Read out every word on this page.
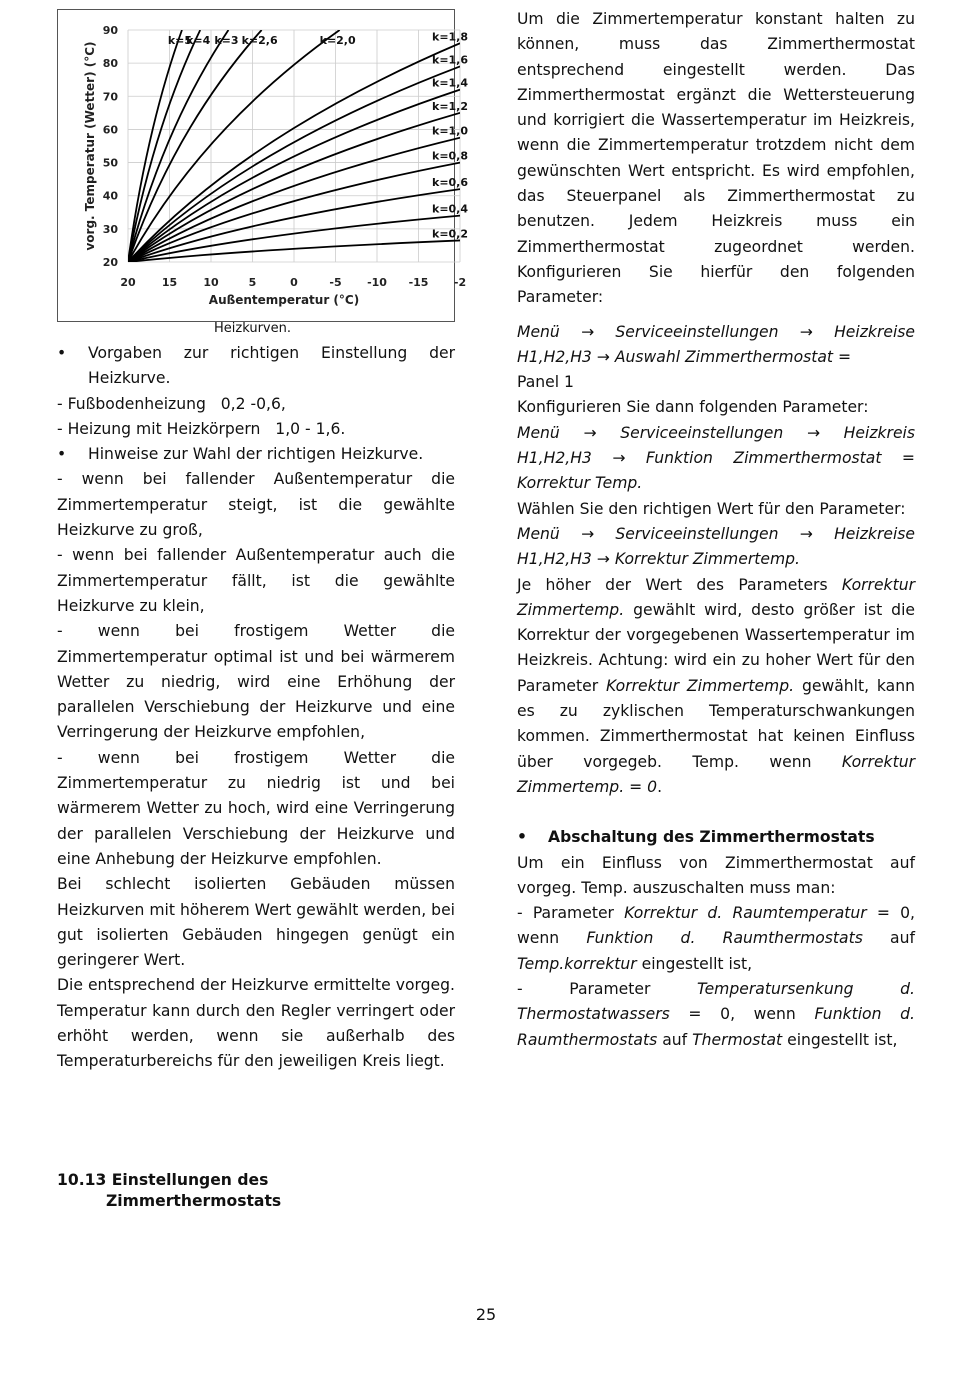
20
30
40
50
60
70
80
90
20 15 10	5	0	-5 -10 -15 -2
Außentemperatur (°C)
vorg. Temperatur (Wetter) (°C)
k=5
k=4 k=3 k=2,6	k=2,0	k=1,8
k=1,6
k=1,4
k=1,2
k=1,0
k=0,8
k=0,6
k=0,4
k=0,2
Heizkurven.

• Vorgaben zur richtigen Einstellung der Heizkurve.

- Fußbodenheizung   0,2 -0,6,

- Heizung mit Heizkörpern   1,0 - 1,6.

• Hinweise zur Wahl der richtigen Heizkurve.

- wenn bei fallender Außentemperatur die Zimmertemperatur steigt, ist die gewählte Heizkurve zu groß,

- wenn bei fallender Außentemperatur auch die Zimmertemperatur fällt, ist die gewählte Heizkurve zu klein,

- wenn bei frostigem Wetter die Zimmertemperatur optimal ist und bei wärmerem Wetter zu niedrig, wird eine Erhöhung der parallelen Verschiebung der Heizkurve und eine Verringerung der Heizkurve empfohlen,

- wenn bei frostigem Wetter die Zimmertemperatur zu niedrig ist und bei wärmerem Wetter zu hoch, wird eine Verringerung der parallelen Verschiebung der Heizkurve und eine Anhebung der Heizkurve empfohlen.

Bei schlecht isolierten Gebäuden müssen Heizkurven mit höherem Wert gewählt werden, bei gut isolierten Gebäuden hingegen genügt ein geringerer Wert.

Die entsprechend der Heizkurve ermittelte vorgeg. Temperatur kann durch den Regler verringert oder erhöht werden, wenn sie außerhalb des Temperaturbereichs für den jeweiligen Kreis liegt.

10.13 Einstellungen des

Zimmerthermostats

Um die Zimmertemperatur konstant halten zu können, muss das Zimmerthermostat entsprechend eingestellt werden. Das Zimmerthermostat ergänzt die Wettersteuerung und korrigiert die Wassertemperatur im Heizkreis, wenn die Zimmertemperatur trotzdem nicht dem gewünschten Wert entspricht. Es wird empfohlen, das Steuerpanel als Zimmerthermostat zu benutzen. Jedem Heizkreis muss ein Zimmerthermostat zugeordnet werden. Konfigurieren Sie hierfür den folgenden Parameter:

Menü → Serviceeinstellungen → Heizkreise H1,H2,H3 → Auswahl Zimmerthermostat =

Panel 1

Konfigurieren Sie dann folgenden Parameter:

Menü → Serviceeinstellungen → Heizkreis H1,H2,H3 → Funktion Zimmerthermostat = Korrektur Temp.

Wählen Sie den richtigen Wert für den Parameter:

Menü → Serviceeinstellungen → Heizkreise H1,H2,H3 → Korrektur Zimmertemp.

Je höher der Wert des Parameters Korrektur Zimmertemp. gewählt wird, desto größer ist die Korrektur der vorgegebenen Wassertemperatur im Heizkreis. Achtung: wird ein zu hoher Wert für den Parameter Korrektur Zimmertemp. gewählt, kann es zu zyklischen Temperaturschwankungen kommen. Zimmerthermostat hat keinen Einfluss über vorgegeb. Temp. wenn Korrektur Zimmertemp. = 0.

• Abschaltung des Zimmerthermostats

Um ein Einfluss von Zimmerthermostat auf vorgeg. Temp. auszuschalten muss man:

- Parameter Korrektur d. Raumtemperatur = 0, wenn Funktion d. Raumthermostats auf Temp.korrektur eingestellt ist,

- Parameter Temperatursenkung d. Thermostatwassers = 0, wenn Funktion d. Raumthermostats auf Thermostat eingestellt ist,

25
